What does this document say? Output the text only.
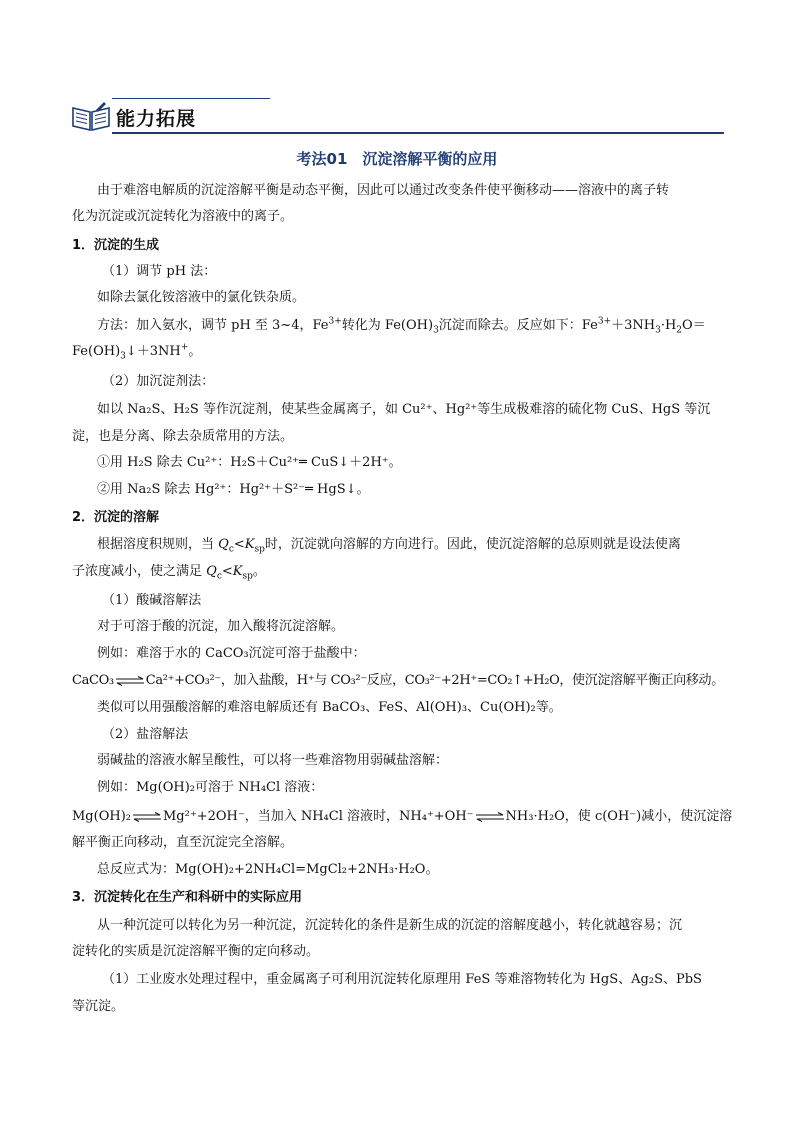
能力拓展
考法01　沉淀溶解平衡的应用
由于难溶电解质的沉淀溶解平衡是动态平衡，因此可以通过改变条件使平衡移动——溶液中的离子转
化为沉淀或沉淀转化为溶液中的离子。
1．沉淀的生成
（1）调节 pH 法：
如除去氯化铵溶液中的氯化铁杂质。
方法：加入氨水，调节 pH 至 3~4，$Fe^{3+}$转化为 $Fe(OH)_3$沉淀而除去。反应如下：$Fe^{3+}+3NH_3\cdot H_2O=$
$Fe(OH)_3↓+3NH^+$。
（2）加沉淀剂法：
如以 Na₂S、H₂S 等作沉淀剂，使某些金属离子，如 Cu²⁺、Hg²⁺等生成极难溶的硫化物 CuS、HgS 等沉
淀，也是分离、除去杂质常用的方法。
①用 H₂S 除去 Cu²⁺：H₂S＋Cu²⁺═ CuS↓＋2H⁺。
②用 Na₂S 除去 Hg²⁺：Hg²⁺＋S²⁻═ HgS↓。
2．沉淀的溶解
根据溶度积规则，当 $Q_c<K_{sp}$时，沉淀就向溶解的方向进行。因此，使沉淀溶解的总原则就是设法使离
子浓度减小，使之满足 $Q_c<K_{sp}$。
（1）酸碱溶解法
对于可溶于酸的沉淀，加入酸将沉淀溶解。
例如：难溶于水的 CaCO₃沉淀可溶于盐酸中：
CaCO₃⇌Ca²⁺+CO₃²⁻，加入盐酸，H⁺与 CO₃²⁻反应，CO₃²⁻+2H⁺=CO₂↑+H₂O，使沉淀溶解平衡正向移动。
类似可以用强酸溶解的难溶电解质还有 BaCO₃、FeS、Al(OH)₃、Cu(OH)₂等。
（2）盐溶解法
弱碱盐的溶液水解呈酸性，可以将一些难溶物用弱碱盐溶解：
例如：Mg(OH)₂可溶于 NH₄Cl 溶液：
Mg(OH)₂⇌Mg²⁺+2OH⁻，当加入 NH₄Cl 溶液时，NH₄⁺+OH⁻⇌NH₃·H₂O，使 c(OH⁻)减小，使沉淀溶
解平衡正向移动，直至沉淀完全溶解。
总反应式为：Mg(OH)₂+2NH₄Cl=MgCl₂+2NH₃·H₂O。
3．沉淀转化在生产和科研中的实际应用
从一种沉淀可以转化为另一种沉淀，沉淀转化的条件是新生成的沉淀的溶解度越小，转化就越容易；沉
淀转化的实质是沉淀溶解平衡的定向移动。
（1）工业废水处理过程中，重金属离子可利用沉淀转化原理用 FeS 等难溶物转化为 HgS、Ag₂S、PbS
等沉淀。
